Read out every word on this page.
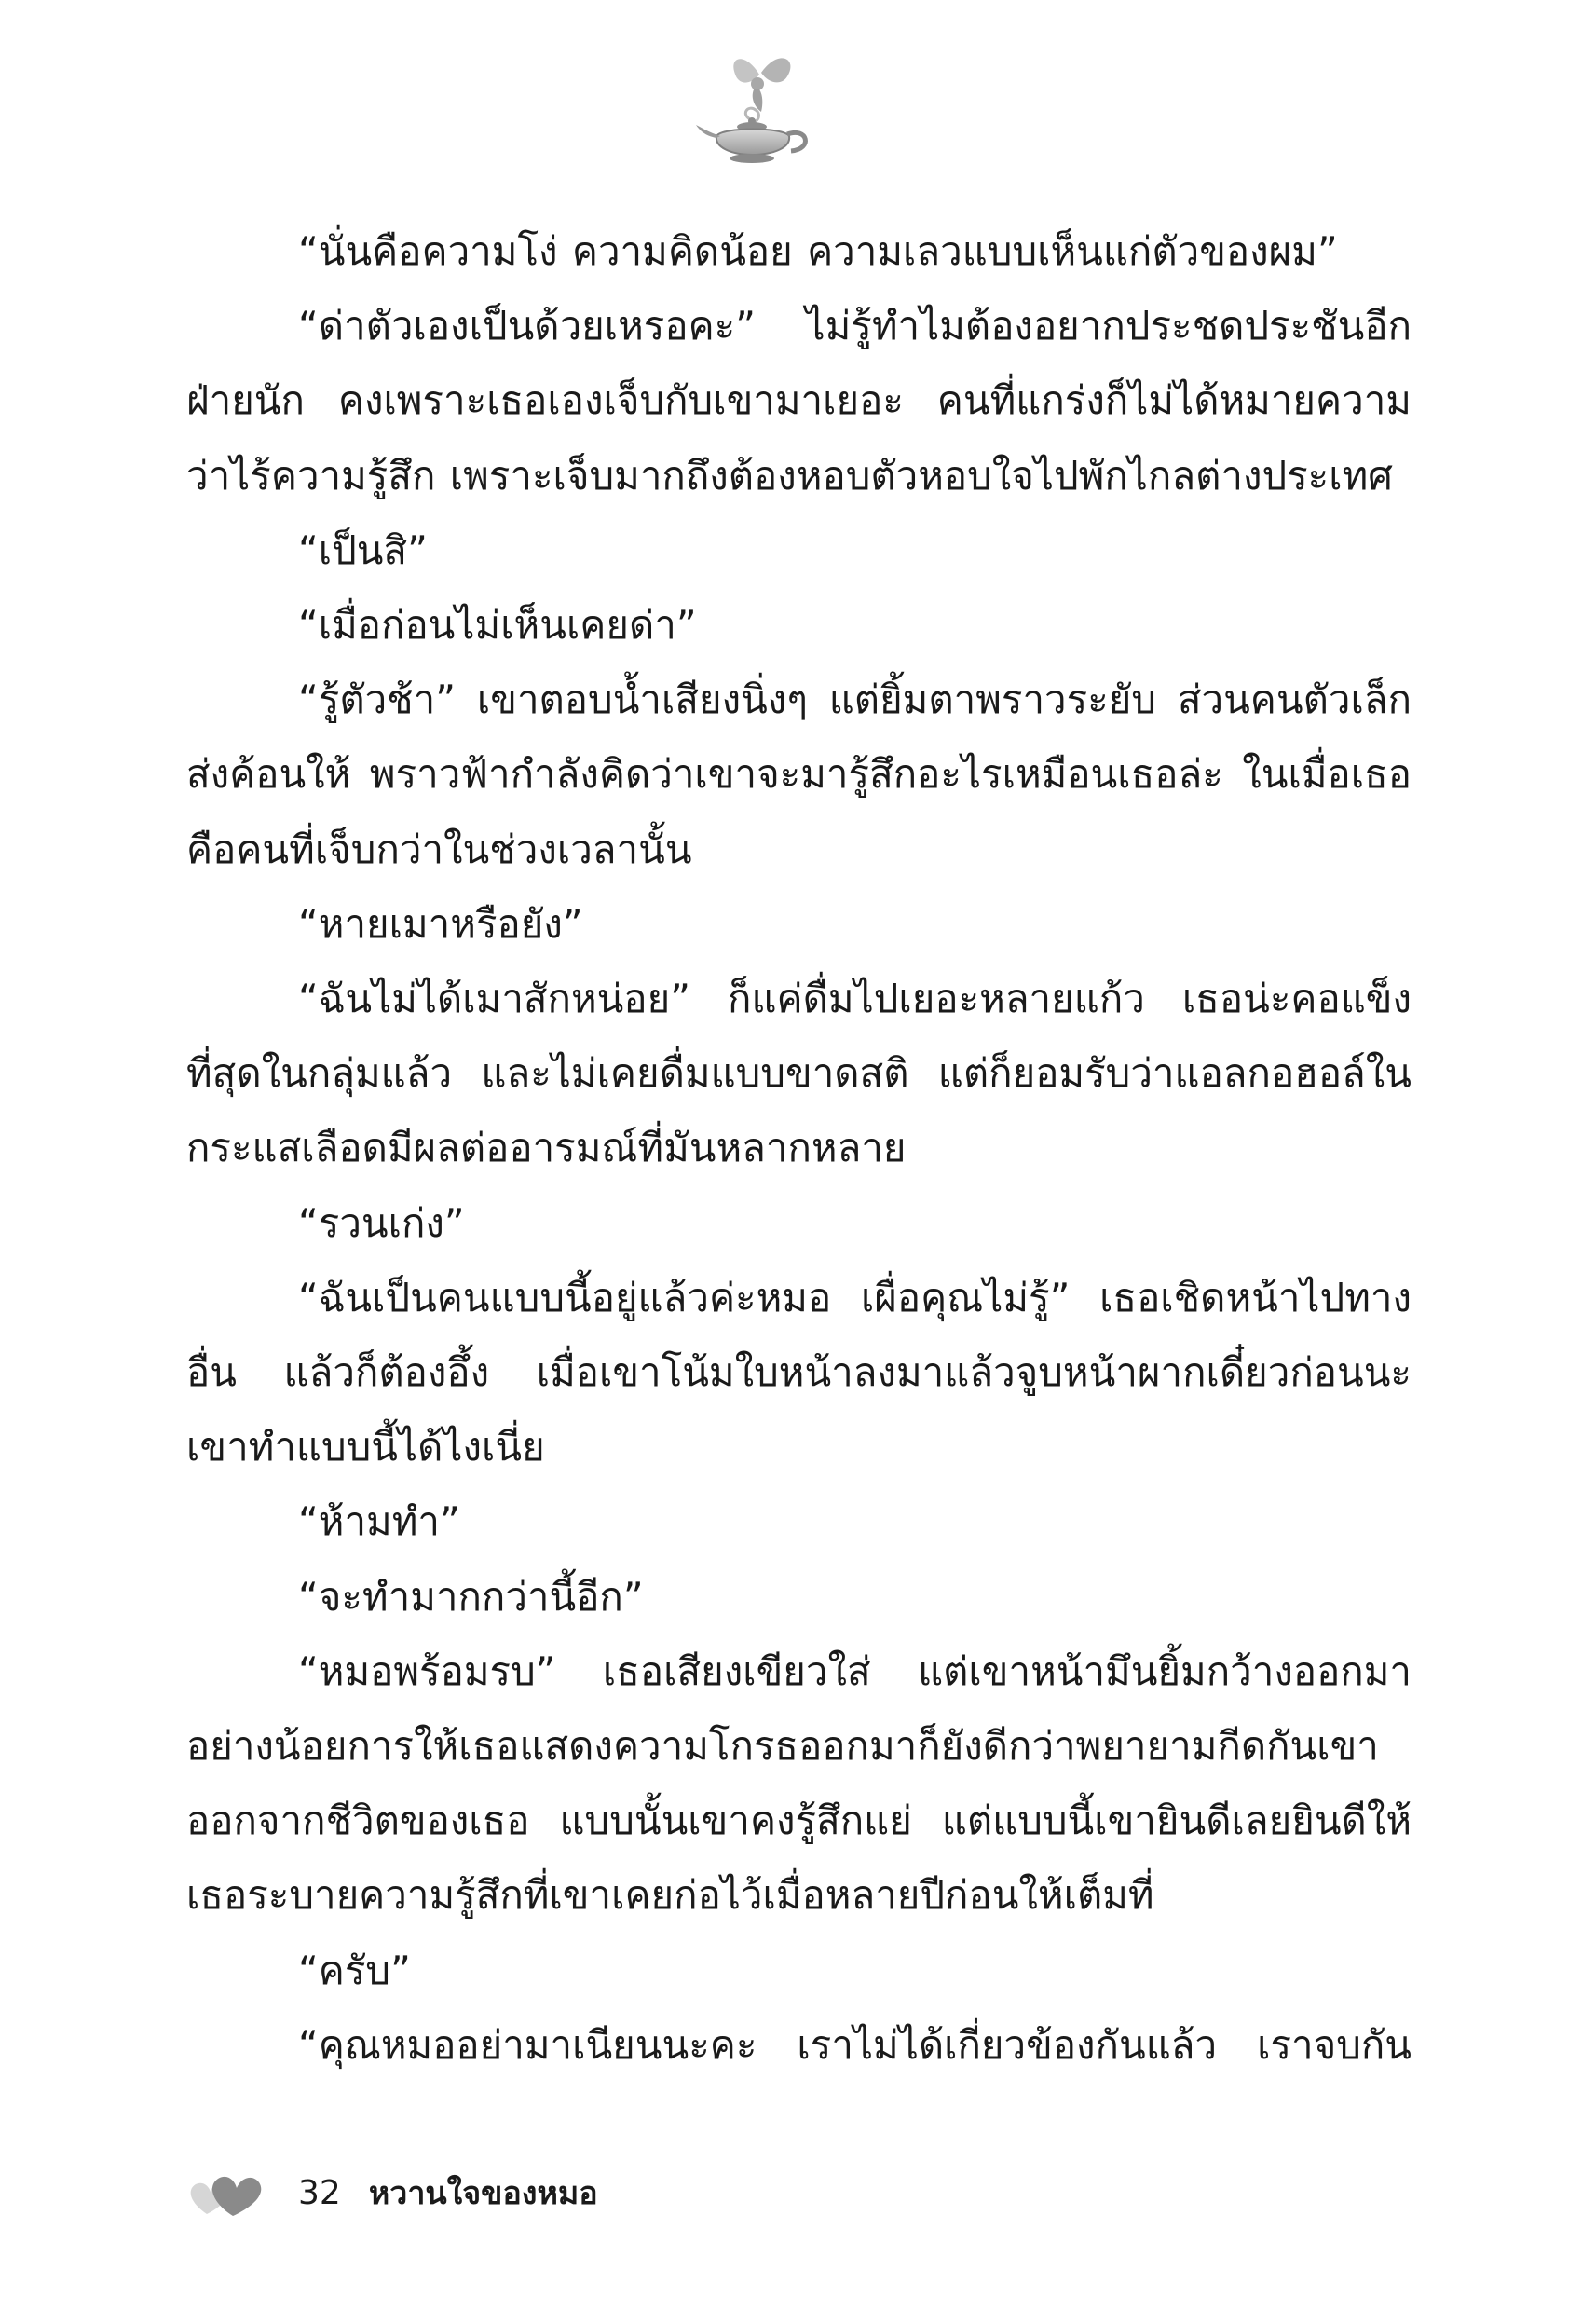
“นั่นคือความโง่ ความคิดน้อย ความเลวแบบเห็นแก่ตัวของผม”

“ด่าตัวเองเป็นด้วยเหรอคะ” ไม่รู้ทำไมต้องอยากประชดประชันอีกฝ่ายนัก คงเพราะเธอเองเจ็บกับเขามาเยอะ คนที่แกร่งก็ไม่ได้หมายความว่าไร้ความรู้สึก เพราะเจ็บมากถึงต้องหอบตัวหอบใจไปพักไกลต่างประเทศ

“เป็นสิ”

“เมื่อก่อนไม่เห็นเคยด่า”

“รู้ตัวช้า” เขาตอบน้ำเสียงนิ่งๆ แต่ยิ้มตาพราวระยับ ส่วนคนตัวเล็กส่งค้อนให้ พราวฟ้ากำลังคิดว่าเขาจะมารู้สึกอะไรเหมือนเธอล่ะ ในเมื่อเธอคือคนที่เจ็บกว่าในช่วงเวลานั้น

“หายเมาหรือยัง”

“ฉันไม่ได้เมาสักหน่อย” ก็แค่ดื่มไปเยอะหลายแก้ว เธอน่ะคอแข็งที่สุดในกลุ่มแล้ว และไม่เคยดื่มแบบขาดสติ แต่ก็ยอมรับว่าแอลกอฮอล์ในกระแสเลือดมีผลต่ออารมณ์ที่มันหลากหลาย

“รวนเก่ง”

“ฉันเป็นคนแบบนี้อยู่แล้วค่ะหมอ เผื่อคุณไม่รู้” เธอเชิดหน้าไปทางอื่น แล้วก็ต้องอึ้ง เมื่อเขาโน้มใบหน้าลงมาแล้วจูบหน้าผากเดี๋ยวก่อนนะ เขาทำแบบนี้ได้ไงเนี่ย

“ห้ามทำ”

“จะทำมากกว่านี้อีก”

“หมอพร้อมรบ” เธอเสียงเขียวใส่ แต่เขาหน้ามึนยิ้มกว้างออกมาอย่างน้อยการให้เธอแสดงความโกรธออกมาก็ยังดีกว่าพยายามกีดกันเขาออกจากชีวิตของเธอ แบบนั้นเขาคงรู้สึกแย่ แต่แบบนี้เขายินดีเลยยินดีให้เธอระบายความรู้สึกที่เขาเคยก่อไว้เมื่อหลายปีก่อนให้เต็มที่

“ครับ”

“คุณหมออย่ามาเนียนนะคะ เราไม่ได้เกี่ยวข้องกันแล้ว เราจบกัน

32 หวานใจของหมอ
